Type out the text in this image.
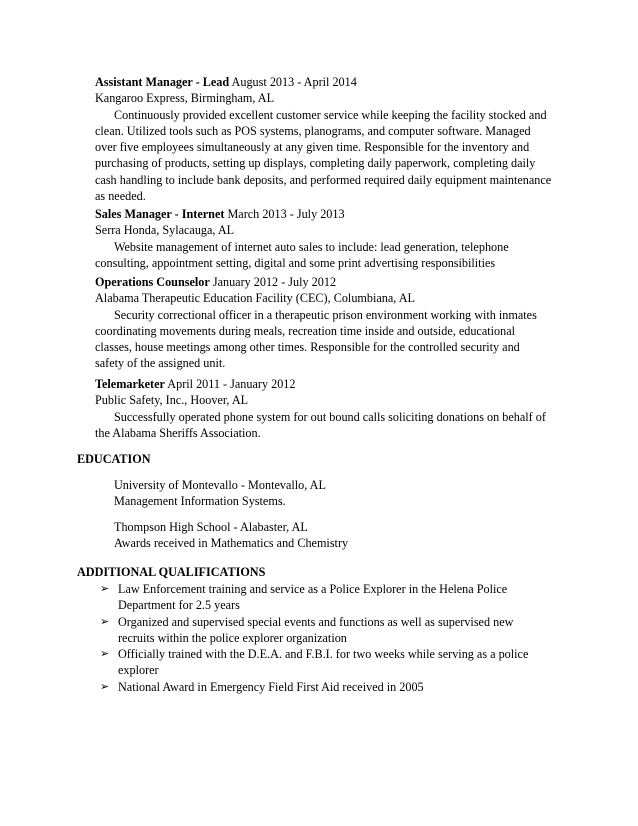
Assistant Manager - Lead August 2013 - April 2014

Kangaroo Express, Birmingham, AL

Continuously provided excellent customer service while keeping the facility stocked and

clean. Utilized tools such as POS systems, planograms, and computer software. Managed

over five employees simultaneously at any given time. Responsible for the inventory and

purchasing of products, setting up displays, completing daily paperwork, completing daily

cash handling to include bank deposits, and performed required daily equipment maintenance

as needed.

Sales Manager - Internet March 2013 - July 2013

Serra Honda, Sylacauga, AL

Website management of internet auto sales to include: lead generation, telephone

consulting, appointment setting, digital and some print advertising responsibilities

Operations Counselor January 2012 - July 2012

Alabama Therapeutic Education Facility (CEC), Columbiana, AL

Security correctional officer in a therapeutic prison environment working with inmates

coordinating movements during meals, recreation time inside and outside, educational

classes, house meetings among other times. Responsible for the controlled security and

safety of the assigned unit.

Telemarketer April 2011 - January 2012

Public Safety, Inc., Hoover, AL

Successfully operated phone system for out bound calls soliciting donations on behalf of

the Alabama Sheriffs Association.

EDUCATION

University of Montevallo - Montevallo, AL

Management Information Systems.

Thompson High School - Alabaster, AL

Awards received in Mathematics and Chemistry

ADDITIONAL QUALIFICATIONS

➢ Law Enforcement training and service as a Police Explorer in the Helena Police
Department for 2.5 years
➢ Organized and supervised special events and functions as well as supervised new
recruits within the police explorer organization
➢ Officially trained with the D.E.A. and F.B.I. for two weeks while serving as a police
explorer
➢ National Award in Emergency Field First Aid received in 2005
